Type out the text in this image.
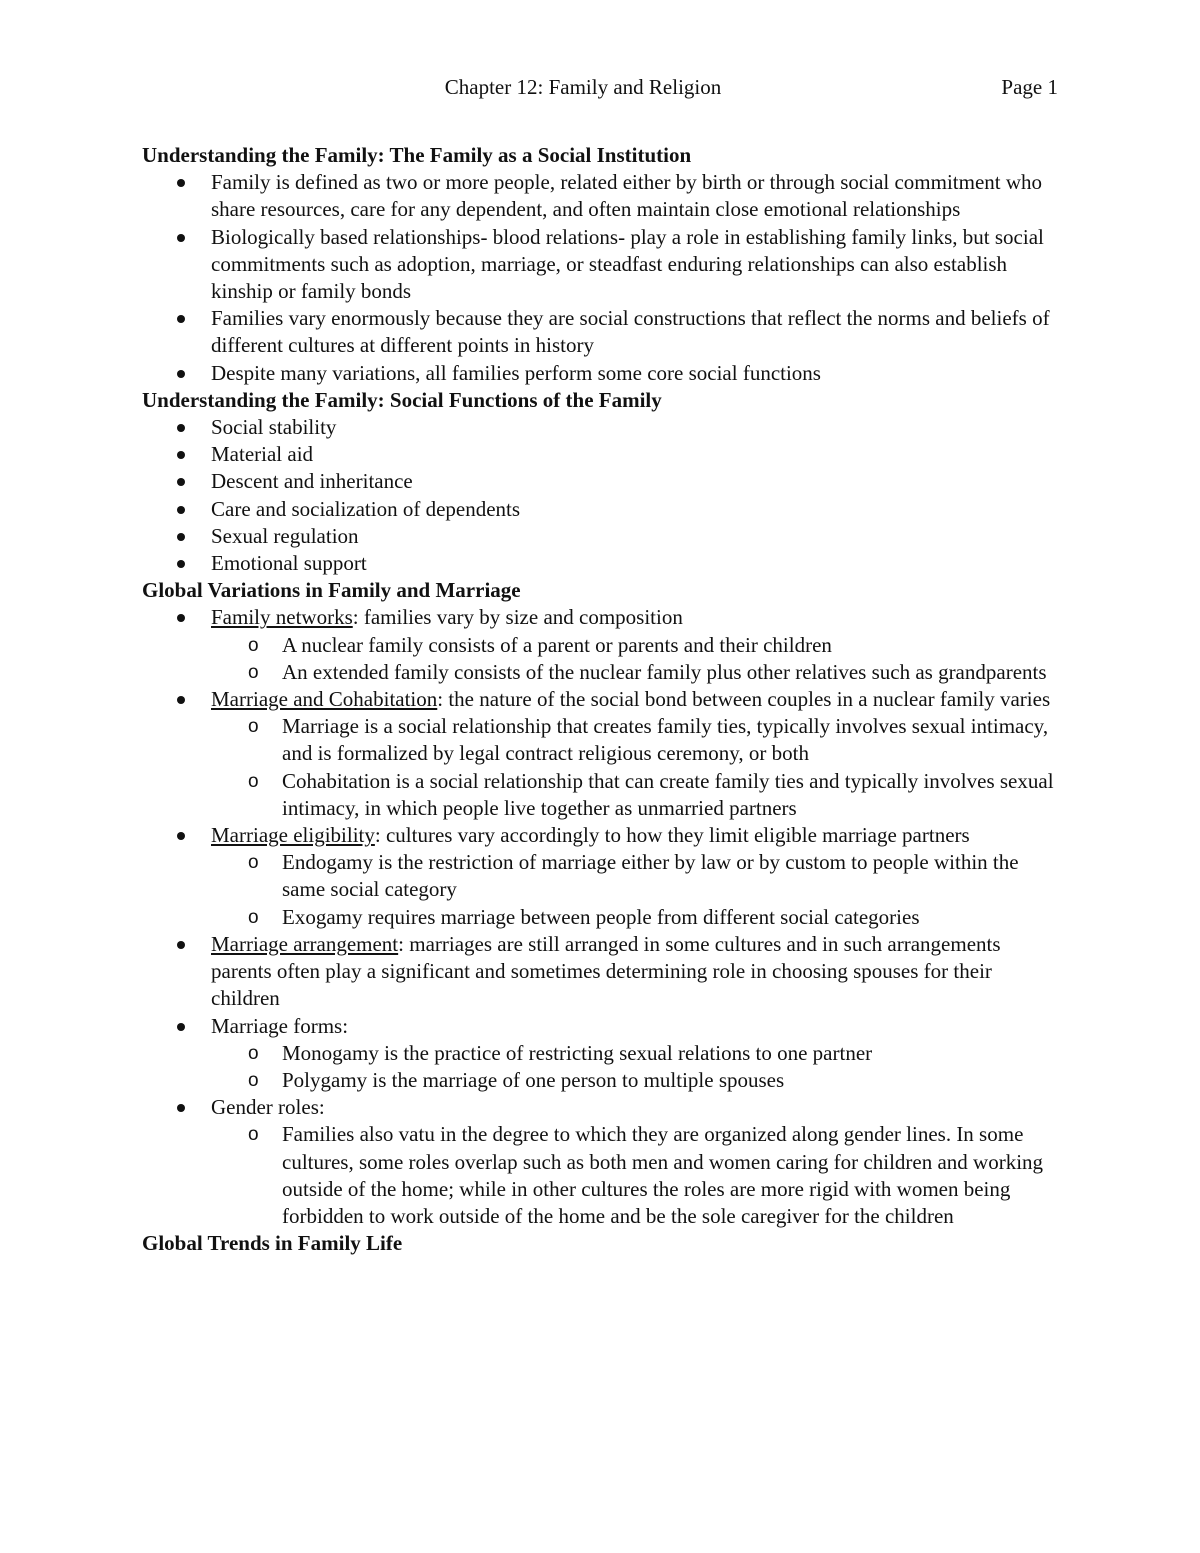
Chapter 12: Family and Religion	Page 1
Understanding the Family: The Family as a Social Institution
Family is defined as two or more people, related either by birth or through social commitment who share resources, care for any dependent, and often maintain close emotional relationships
Biologically based relationships- blood relations- play a role in establishing family links, but social commitments such as adoption, marriage, or steadfast enduring relationships can also establish kinship or family bonds
Families vary enormously because they are social constructions that reflect the norms and beliefs of different cultures at different points in history
Despite many variations, all families perform some core social functions
Understanding the Family: Social Functions of the Family
Social stability
Material aid
Descent and inheritance
Care and socialization of dependents
Sexual regulation
Emotional support
Global Variations in Family and Marriage
Family networks: families vary by size and composition
o A nuclear family consists of a parent or parents and their children
o An extended family consists of the nuclear family plus other relatives such as grandparents
Marriage and Cohabitation: the nature of the social bond between couples in a nuclear family varies
o Marriage is a social relationship that creates family ties, typically involves sexual intimacy, and is formalized by legal contract religious ceremony, or both
o Cohabitation is a social relationship that can create family ties and typically involves sexual intimacy, in which people live together as unmarried partners
Marriage eligibility: cultures vary accordingly to how they limit eligible marriage partners
o Endogamy is the restriction of marriage either by law or by custom to people within the same social category
o Exogamy requires marriage between people from different social categories
Marriage arrangement: marriages are still arranged in some cultures and in such arrangements parents often play a significant and sometimes determining role in choosing spouses for their children
Marriage forms:
o Monogamy is the practice of restricting sexual relations to one partner
o Polygamy is the marriage of one person to multiple spouses
Gender roles:
o Families also vatu in the degree to which they are organized along gender lines. In some cultures, some roles overlap such as both men and women caring for children and working outside of the home; while in other cultures the roles are more rigid with women being forbidden to work outside of the home and be the sole caregiver for the children
Global Trends in Family Life
